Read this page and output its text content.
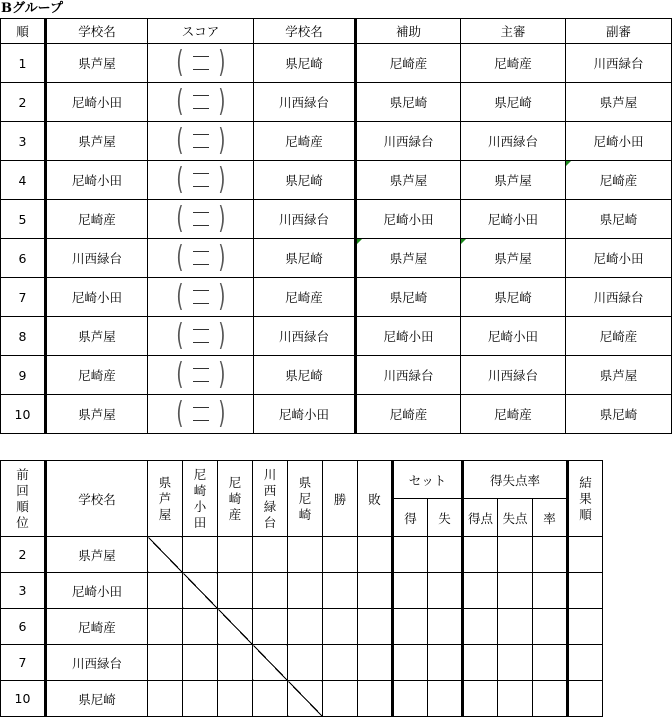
Bグループ
順	学校名	スコア	学校名	補助	主審	副審
1	県芦屋	( )	県尼崎	尼崎産	尼崎産	川西緑台
2	尼崎小田	( )	川西緑台	県尼崎	県尼崎	県芦屋
3	県芦屋	( )	尼崎産	川西緑台	川西緑台	尼崎小田
4	尼崎小田	( )	県尼崎	県芦屋	県芦屋	尼崎産
5	尼崎産	( )	川西緑台	尼崎小田	尼崎小田	県尼崎
6	川西緑台	( )	県尼崎	県芦屋	県芦屋	尼崎小田
7	尼崎小田	( )	尼崎産	県尼崎	県尼崎	川西緑台
8	県芦屋	( )	川西緑台	尼崎小田	尼崎小田	尼崎産
9	尼崎産	( )	県尼崎	川西緑台	川西緑台	県芦屋
10	県芦屋	( )	尼崎小田	尼崎産	尼崎産	県尼崎
前回順位	学校名	県芦屋	尼崎小田	尼崎産	川西緑台	県尼崎	勝	敗	セット		得失点率			結果順
									得	失	得点	失点	率	
2	県芦屋													
3	尼崎小田													
6	尼崎産													
7	川西緑台													
10	県尼崎													
